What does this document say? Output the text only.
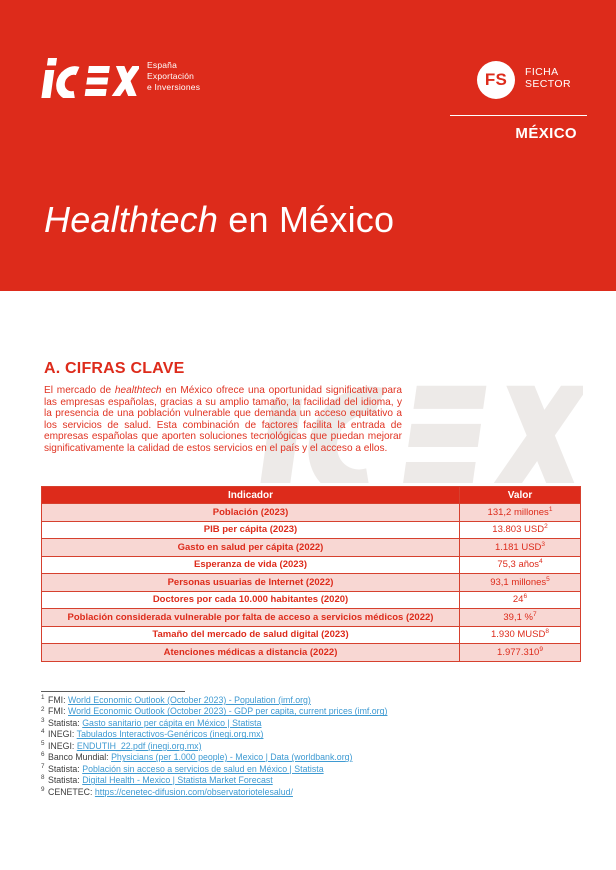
España
Exportación
e Inversiones	FS FICHA
SECTOR
MÉXICO
Healthtech en México
A. CIFRAS CLAVE

El mercado de healthtech en México ofrece una oportunidad significativa para las empresas españolas, gracias a su amplio tamaño, la facilidad del idioma, y la presencia de una población vulnerable que demanda un acceso equitativo a los servicios de salud. Esta combinación de factores facilita la entrada de empresas españolas que aporten soluciones tecnológicas que puedan mejorar significativamente la calidad de estos servicios en el país y el acceso a ellos.

Indicador	Valor
Población (2023)	131,2 millones$^1$
PIB per cápita (2023)	13.803 USD$^2$
Gasto en salud per cápita (2022)	1.181 USD$^3$
Esperanza de vida (2023)	75,3 años$^4$
Personas usuarias de Internet (2022)	93,1 millones$^5$
Doctores por cada 10.000 habitantes (2020)	$24^6$
Población considerada vulnerable por falta de acceso a servicios médicos (2022)	39,1 %$^7$
Tamaño del mercado de salud digital (2023)	1.930 MUSD$^8$
Atenciones médicas a distancia (2022)	1.977.310$^9$
$^1$ FMI: World Economic Outlook (October 2023) - Population (imf.org)
$^2$ FMI: World Economic Outlook (October 2023) - GDP per capita, current prices (imf.org)
$^3$ Statista: Gasto sanitario per cápita en México | Statista
$^4$ INEGI: Tabulados Interactivos-Genéricos (inegi.org.mx)
$^5$ INEGI: ENDUTIH_22.pdf (inegi.org.mx)
$^6$ Banco Mundial: Physicians (per 1.000 people) - Mexico | Data (worldbank.org)
$^7$ Statista: Población sin acceso a servicios de salud en México | Statista
$^8$ Statista: Digital Health - Mexico | Statista Market Forecast
$^9$ CENETEC: https://cenetec-difusion.com/observatoriotelesalud/
